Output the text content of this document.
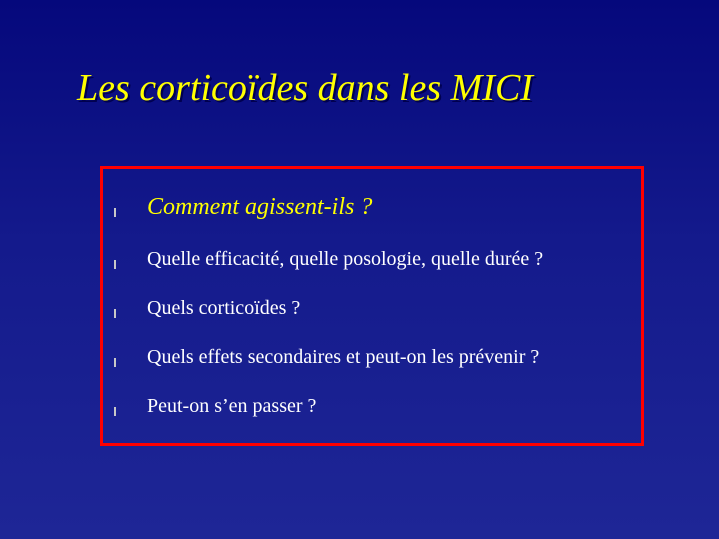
Les corticoïdes dans les MICI
Comment agissent-ils ?
Quelle efficacité, quelle posologie, quelle durée ?
Quels corticoïdes ?
Quels effets secondaires et peut-on les prévenir ?
Peut-on s’en passer ?
